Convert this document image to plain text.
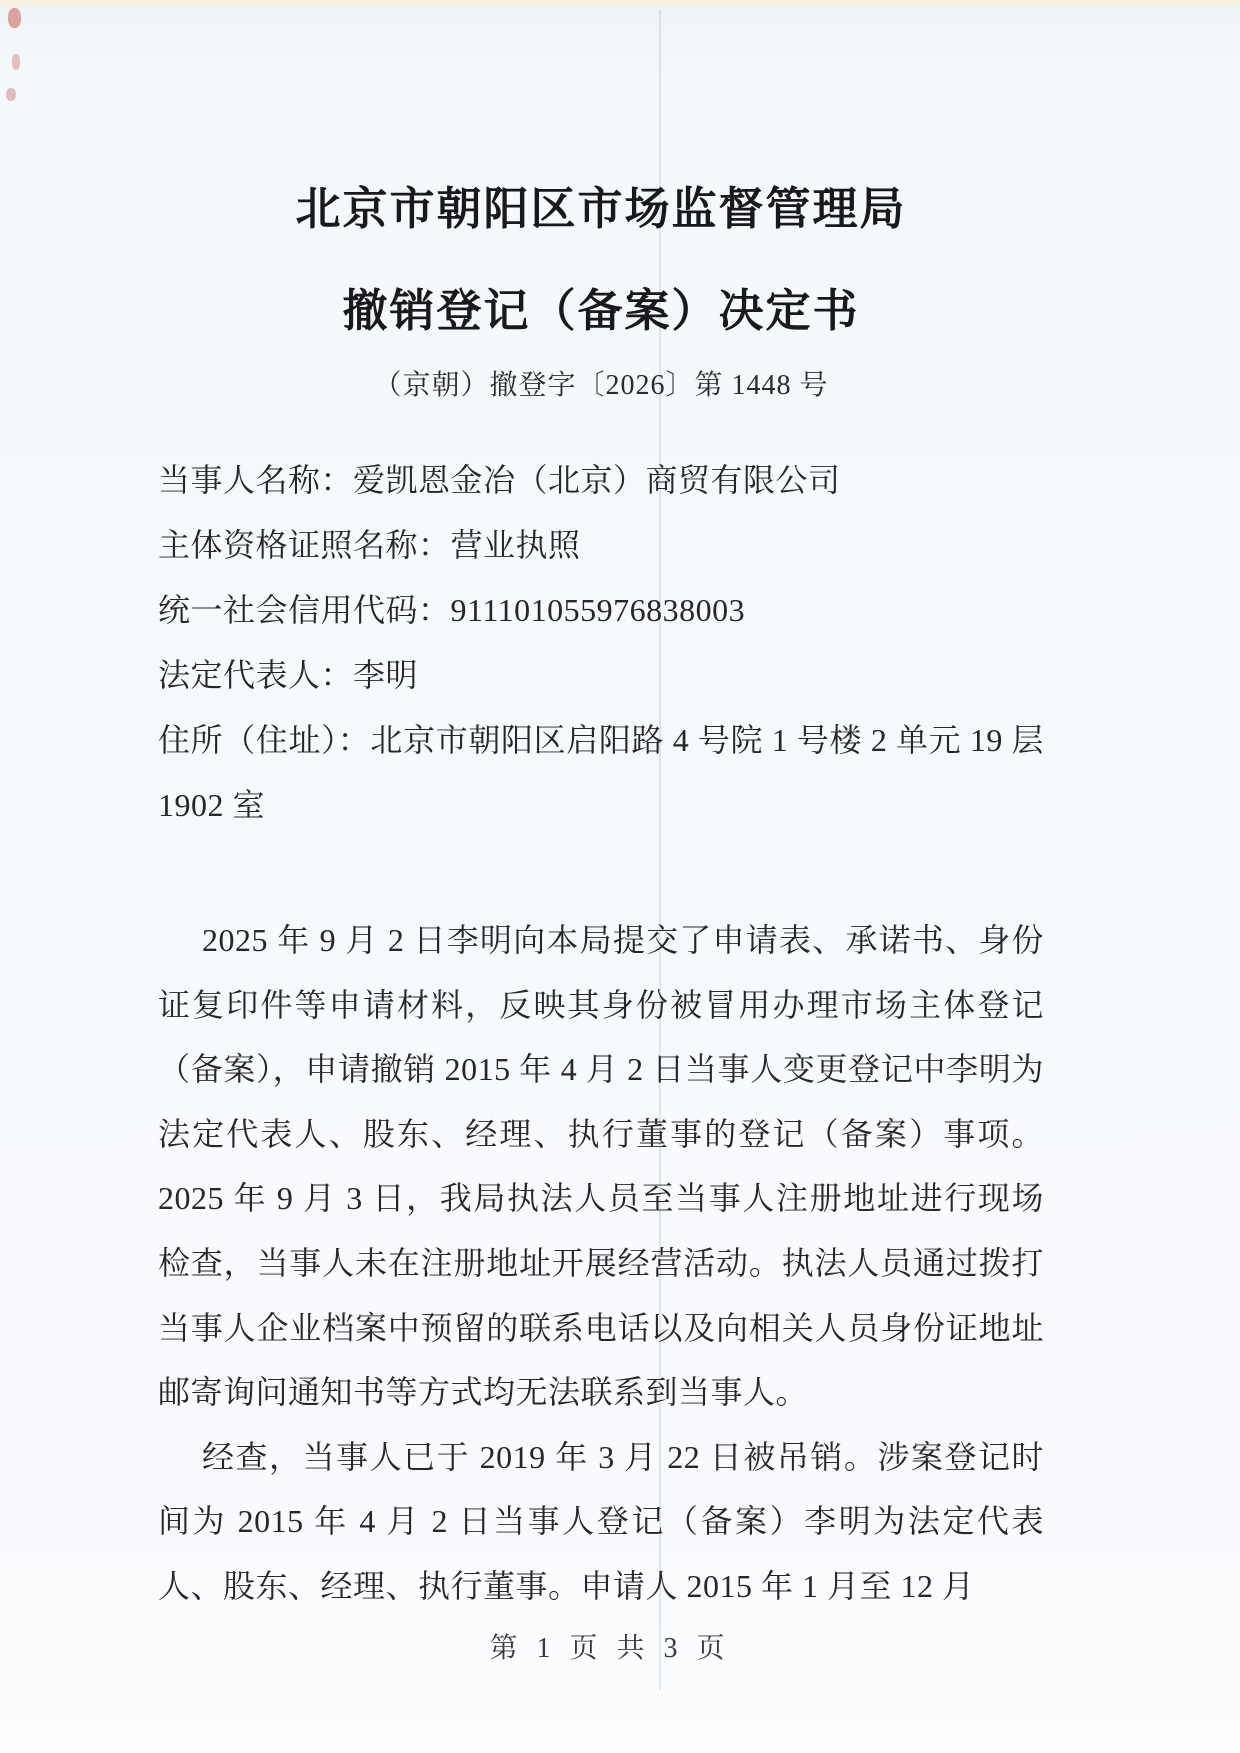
北京市朝阳区市场监督管理局
撤销登记（备案）决定书
（京朝）撤登字〔2026〕第 1448 号
当事人名称：爱凯恩金冶（北京）商贸有限公司
主体资格证照名称：营业执照
统一社会信用代码：911101055976838003
法定代表人：李明
住所（住址）：北京市朝阳区启阳路 4 号院 1 号楼 2 单元 19 层 1902 室

2025 年 9 月 2 日李明向本局提交了申请表、承诺书、身份证复印件等申请材料，反映其身份被冒用办理市场主体登记（备案），申请撤销 2015 年 4 月 2 日当事人变更登记中李明为法定代表人、股东、经理、执行董事的登记（备案）事项。2025 年 9 月 3 日，我局执法人员至当事人注册地址进行现场检查，当事人未在注册地址开展经营活动。执法人员通过拨打当事人企业档案中预留的联系电话以及向相关人员身份证地址邮寄询问通知书等方式均无法联系到当事人。

经查，当事人已于 2019 年 3 月 22 日被吊销。涉案登记时间为 2015 年 4 月 2 日当事人登记（备案）李明为法定代表人、股东、经理、执行董事。申请人 2015 年 1 月至 12 月

第 1 页 共 3 页
